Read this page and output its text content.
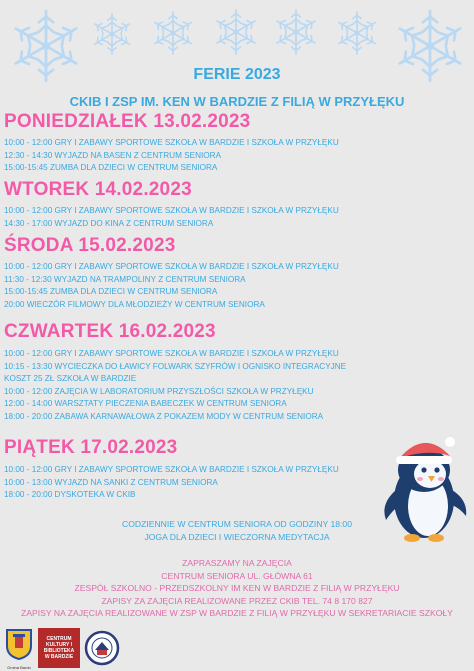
FERIE 2023
CKIB I ZSP IM. KEN W BARDZIE Z FILIĄ W PRZYŁĘKU
PONIEDZIAŁEK 13.02.2023
10:00 - 12:00 GRY I ZABAWY SPORTOWE SZKOŁA W BARDZIE I SZKOŁA W PRZYŁĘKU
12:30 - 14:30 WYJAZD NA BASEN Z CENTRUM SENIORA
15:00-15:45 ZUMBA DLA DZIECI W CENTRUM SENIORA
WTOREK 14.02.2023
10:00 - 12:00 GRY I ZABAWY SPORTOWE SZKOŁA W BARDZIE I SZKOŁA W PRZYŁĘKU
14:30 - 17:00 WYJAZD DO KINA Z CENTRUM SENIORA
ŚRODA 15.02.2023
10:00 - 12:00 GRY I ZABAWY SPORTOWE SZKOŁA W BARDZIE I SZKOŁA W PRZYŁĘKU
11:30 - 12:30 WYJAZD NA TRAMPOLINY Z CENTRUM SENIORA
15:00-15:45 ZUMBA DLA DZIECI W CENTRUM SENIORA
20:00 WIECZÓR FILMOWY DLA MŁODZIEŻY W CENTRUM SENIORA
CZWARTEK 16.02.2023
10:00 - 12:00 GRY I ZABAWY SPORTOWE SZKOŁA W BARDZIE I SZKOŁA W PRZYŁĘKU
10:15 - 13:30 WYCIECZKA DO ŁAWICY FOLWARK SZYFRÓW I OGNISKO INTEGRACYJNE
KOSZT 25 ZŁ SZKOŁA W BARDZIE
10:00 - 12:00 ZAJĘCIA W LABORATORIUM PRZYSZŁOŚCI SZKOŁA W PRZYŁĘKU
12:00 - 14:00 WARSZTATY PIECZENIA BABECZEK W CENTRUM SENIORA
18:00 - 20:00 ZABAWA KARNAWAŁOWA Z POKAZEM MODY W CENTRUM SENIORA
PIĄTEK 17.02.2023
10:00 - 12:00 GRY I ZABAWY SPORTOWE SZKOŁA W BARDZIE I SZKOŁA W PRZYŁĘKU
10:00 - 13:00 WYJAZD NA SANKI Z CENTRUM SENIORA
18:00 - 20:00 DYSKOTEKA W CKIB
CODZIENNIE W CENTRUM SENIORA OD GODZINY 18:00
JOGA DLA DZIECI I WIECZORNA MEDYTACJA
ZAPRASZAMY NA ZAJĘCIA
CENTRUM SENIORA UL. GŁÓWNA 61
ZESPÓŁ SZKOLNO - PRZEDSZKOLNY IM KEN W BARDZIE Z FILIĄ W PRZYŁĘKU
ZAPISY ZA ZAJĘCIA REALIZOWANE PRZEZ CKIB TEL. 74 8 170 827
ZAPISY NA ZAJĘCIA REALIZOWANE W ZSP W BARDZIE Z FILIĄ W PRZYŁĘKU W SEKRETARIACIE SZKOŁY
Gmina Bardo
CENTRUM KULTURY I BIBLIOTEKA W BARDZIE
